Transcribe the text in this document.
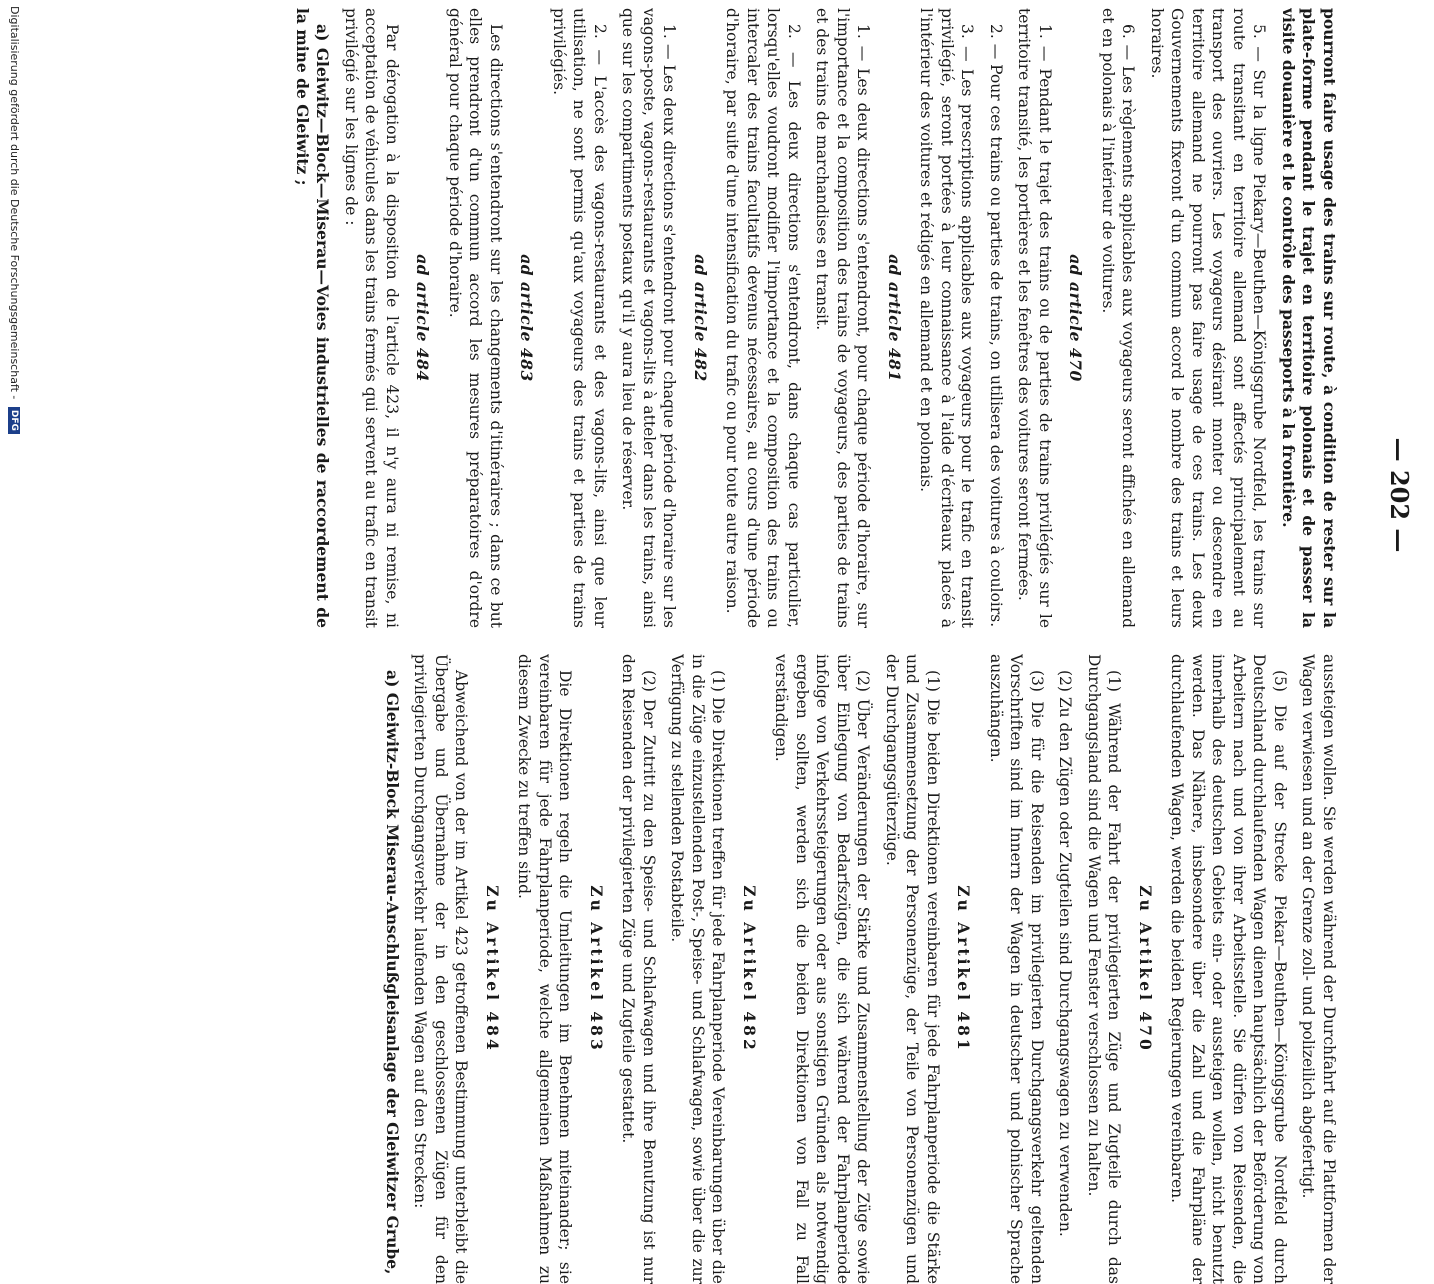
— 202 —

pourront faire usage des trains sur route, à condition de rester sur la plate-forme pendant le trajet en territoire polonais et de passer la visite douanière et le contrôle des passeports à la frontière.

5. — Sur la ligne Piekary—Beuthen—Königsgrube Nordfeld, les trains sur route transitant en territoire allemand sont affectés principalement au transport des ouvriers. Les voyageurs désirant monter ou descendre en territoire allemand ne pourront pas faire usage de ces trains. Les deux Gouvernements fixeront d'un commun accord le nombre des trains et leurs horaires.

6. — Les règlements applicables aux voyageurs seront affichés en allemand et en polonais à l'intérieur de voitures.

ad article 470

1. — Pendant le trajet des trains ou de parties de trains privilégiés sur le territoire transité, les portières et les fenêtres des voitures seront fermées.

2. — Pour ces trains ou parties de trains, on utilisera des voitures à couloirs.

3. — Les prescriptions applicables aux voyageurs pour le trafic en transit privilégié, seront portées à leur connaissance à l'aide d'écriteaux placés à l'intérieur des voitures et rédigés en allemand et en polonais.

ad article 481

1. — Les deux directions s'entendront, pour chaque période d'horaire, sur l'importance et la composition des trains de voyageurs, des parties de trains et des trains de marchandises en transit.

2. — Les deux directions s'entendront, dans chaque cas particulier, lorsqu'elles voudront modifier l'importance et la composition des trains ou intercaler des trains facultatifs devenus nécessaires, au cours d'une période d'horaire, par suite d'une intensification du trafic ou pour toute autre raison.

ad article 482

1. — Les deux directions s'entendront pour chaque période d'horaire sur les vagons-poste, vagons-restaurants et vagons-lits à atteler dans les trains, ainsi que sur les compartiments postaux qu'il y aura lieu de réserver.

2. — L'accès des vagons-restaurants et des vagons-lits, ainsi que leur utilisation, ne sont permis qu'aux voyageurs des trains et parties de trains privilégiés.

ad article 483

Les directions s'entendront sur les changements d'itinéraires ; dans ce but elles prendront d'un commun accord les mesures préparatoires d'ordre général pour chaque période d'horaire.

ad article 484

Par dérogation à la disposition de l'article 423, il n'y aura ni remise, ni acceptation de véhicules dans les trains fermés qui servent au trafic en transit privilégié sur les lignes de :

a) Gleiwitz—Block—Miserau—Voies industrielles de raccordement de la mine de Gleiwitz ;

aussteigen wollen. Sie werden während der Durchfahrt auf die Plattformen der Wagen verwiesen und an der Grenze zoll- und polizeilich abgefertigt.

(5) Die auf der Strecke Piekar—Beuthen—Königsgrube Nordfeld durch Deutschland durchlaufenden Wagen dienen hauptsächlich der Beförderung von Arbeitern nach und von ihrer Arbeitsstelle. Sie dürfen von Reisenden, die innerhalb des deutschen Gebiets ein- oder aussteigen wollen, nicht benutzt werden. Das Nähere, insbesondere über die Zahl und die Fahrpläne der durchlaufenden Wagen, werden die beiden Regierungen vereinbaren.

Zu Artikel 470

(1) Während der Fahrt der privilegierten Züge und Zugteile durch das Durchgangsland sind die Wagen und Fenster verschlossen zu halten.

(2) Zu den Zügen oder Zugteilen sind Durchgangswagen zu verwenden.

(3) Die für die Reisenden im privilegierten Durchgangsverkehr geltenden Vorschriften sind im Innern der Wagen in deutscher und polnischer Sprache auszuhängen.

Zu Artikel 481

(1) Die beiden Direktionen vereinbaren für jede Fahrplanperiode die Stärke und Zusammensetzung der Personenzüge, der Teile von Personenzügen und der Durchgangsgüterzüge.

(2) Über Veränderungen der Stärke und Zusammenstellung der Züge sowie über Einlegung von Bedarfszügen, die sich während der Fahrplanperiode infolge von Verkehrssteigerungen oder aus sonstigen Gründen als notwendig ergeben sollten, werden sich die beiden Direktionen von Fall zu Fall verständigen.

Zu Artikel 482

(1) Die Direktionen treffen für jede Fahrplanperiode Vereinbarungen über die in die Züge einzustellenden Post-, Speise- und Schlafwagen, sowie über die zur Verfügung zu stellenden Postabteile.

(2) Der Zutritt zu den Speise- und Schlafwagen und ihre Benutzung ist nur den Reisenden der privilegierten Züge und Zugteile gestattet.

Zu Artikel 483

Die Direktionen regeln die Umleitungen im Benehmen miteinander; sie vereinbaren für jede Fahrplanperiode, welche allgemeinen Maßnahmen zu diesem Zwecke zu treffen sind.

Zu Artikel 484

Abweichend von der im Artikel 423 getroffenen Bestimmung unterbleibt die Übergabe und Übernahme der in den geschlossenen Zügen für den privilegierten Durchgangsverkehr laufenden Wagen auf den Strecken:

a) Gleiwitz-Block Miserau-Anschlußgleisanlage der Gleiwitzer Grube,

Digitalisierung gefördert durch die Deutsche Forschungsgemeinschaft - DFG
